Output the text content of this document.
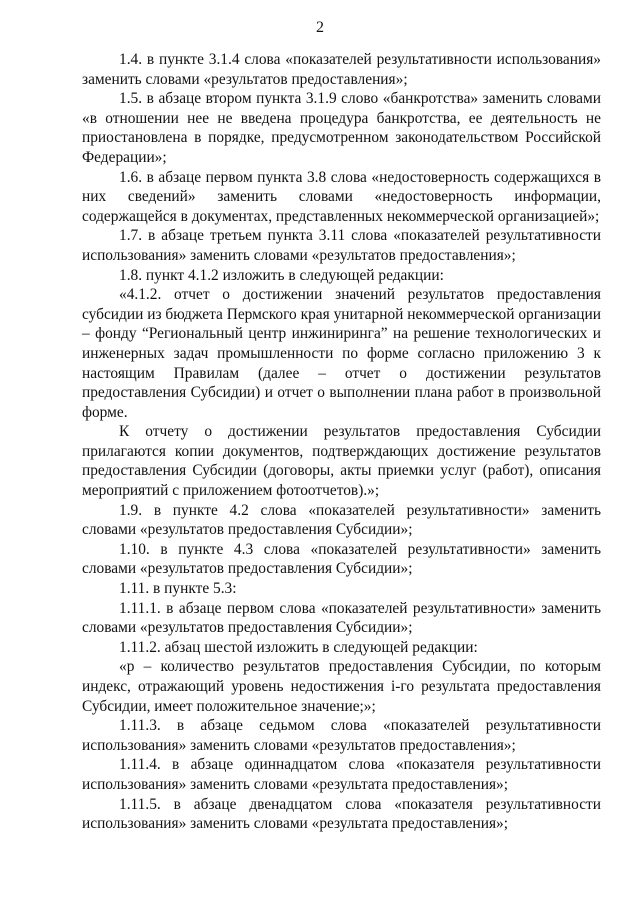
2

1.4. в пункте 3.1.4 слова «показателей результативности использования» заменить словами «результатов предоставления»;

1.5. в абзаце втором пункта 3.1.9 слово «банкротства» заменить словами «в отношении нее не введена процедура банкротства, ее деятельность не приостановлена в порядке, предусмотренном законодательством Российской Федерации»;

1.6. в абзаце первом пункта 3.8 слова «недостоверность содержащихся в них сведений» заменить словами «недостоверность информации, содержащейся в документах, представленных некоммерческой организацией»;

1.7. в абзаце третьем пункта 3.11 слова «показателей результативности использования» заменить словами «результатов предоставления»;

1.8. пункт 4.1.2 изложить в следующей редакции:

«4.1.2. отчет о достижении значений результатов предоставления субсидии из бюджета Пермского края унитарной некоммерческой организации – фонду “Региональный центр инжиниринга” на решение технологических и инженерных задач промышленности по форме согласно приложению 3 к настоящим Правилам (далее – отчет о достижении результатов предоставления Субсидии) и отчет о выполнении плана работ в произвольной форме.

К отчету о достижении результатов предоставления Субсидии прилагаются копии документов, подтверждающих достижение результатов предоставления Субсидии (договоры, акты приемки услуг (работ), описания мероприятий с приложением фотоотчетов).»;

1.9. в пункте 4.2 слова «показателей результативности» заменить словами «результатов предоставления Субсидии»;

1.10. в пункте 4.3 слова «показателей результативности» заменить словами «результатов предоставления Субсидии»;

1.11. в пункте 5.3:

1.11.1. в абзаце первом слова «показателей результативности» заменить словами «результатов предоставления Субсидии»;

1.11.2. абзац шестой изложить в следующей редакции:

«р – количество результатов предоставления Субсидии, по которым индекс, отражающий уровень недостижения i-го результата предоставления Субсидии, имеет положительное значение;»;

1.11.3. в абзаце седьмом слова «показателей результативности использования» заменить словами «результатов предоставления»;

1.11.4. в абзаце одиннадцатом слова «показателя результативности использования» заменить словами «результата предоставления»;

1.11.5. в абзаце двенадцатом слова «показателя результативности использования» заменить словами «результата предоставления»;
